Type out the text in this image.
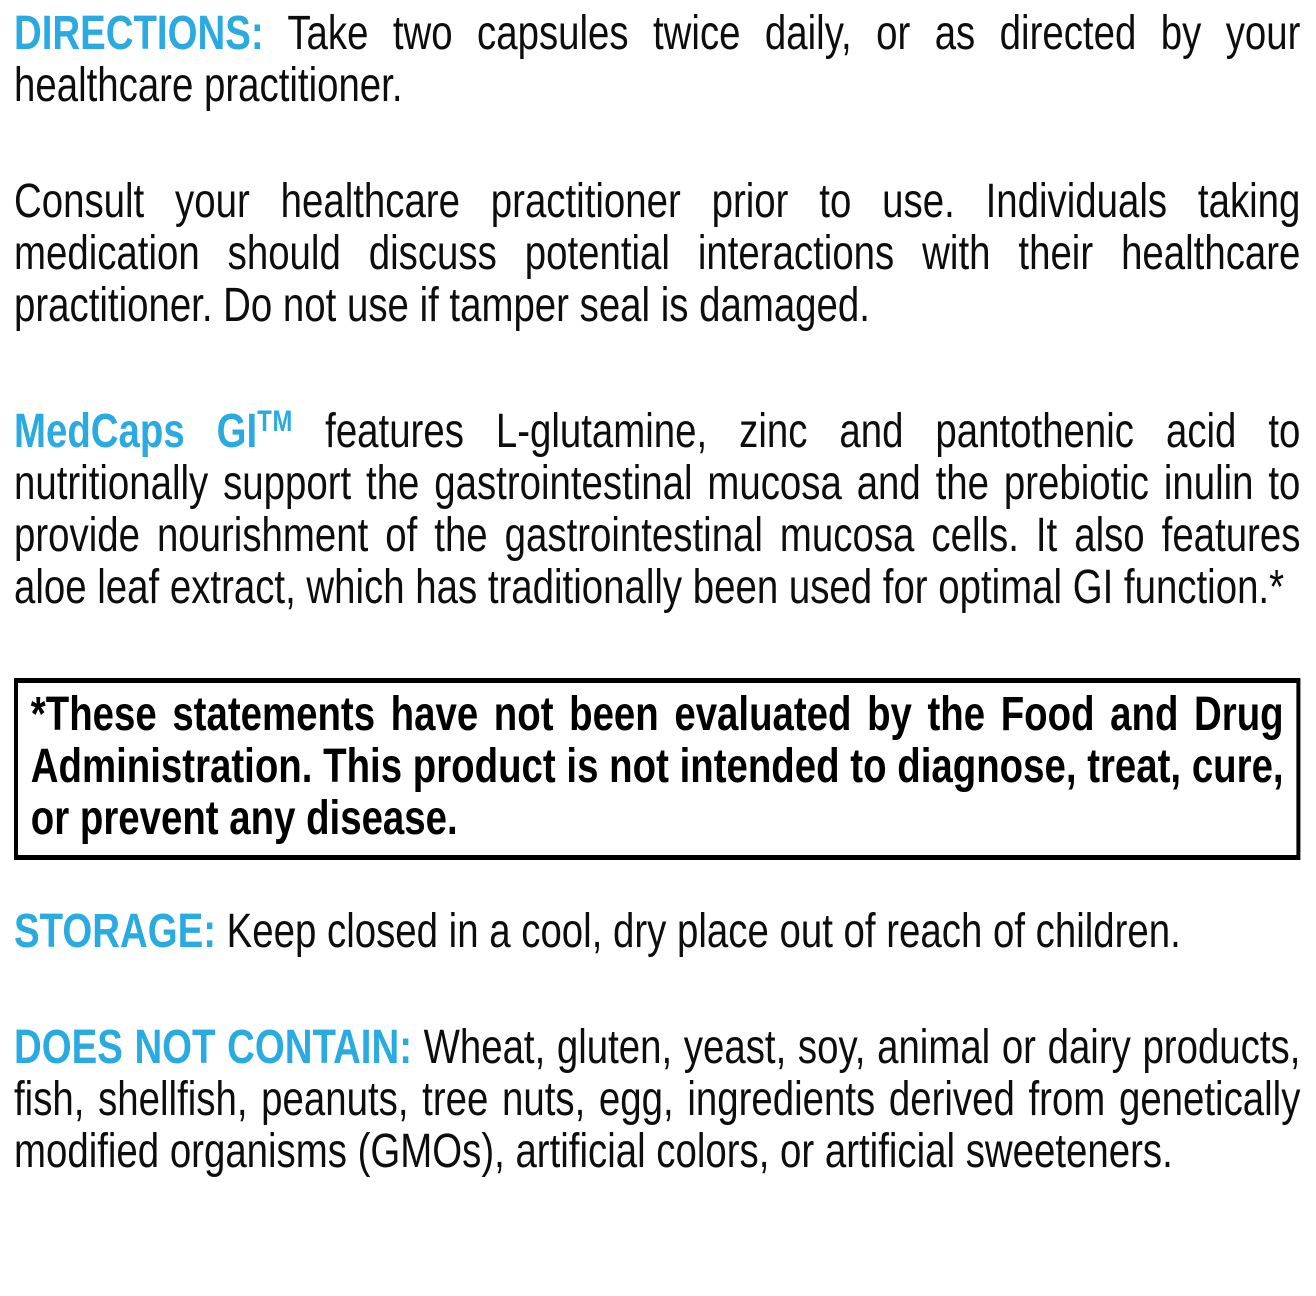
DIRECTIONS: Take two capsules twice daily, or as directed by your healthcare practitioner.

Consult your healthcare practitioner prior to use. Individuals taking medication should discuss potential interactions with their healthcare practitioner. Do not use if tamper seal is damaged.

MedCaps GI™ features L-glutamine, zinc and pantothenic acid to nutritionally support the gastrointestinal mucosa and the prebiotic inulin to provide nourishment of the gastrointestinal mucosa cells. It also features aloe leaf extract, which has traditionally been used for optimal GI function.*

*These statements have not been evaluated by the Food and Drug Administration. This product is not intended to diagnose, treat, cure, or prevent any disease.

STORAGE: Keep closed in a cool, dry place out of reach of children.

DOES NOT CONTAIN: Wheat, gluten, yeast, soy, animal or dairy products, fish, shellfish, peanuts, tree nuts, egg, ingredients derived from genetically modified organisms (GMOs), artificial colors, or artificial sweeteners.
